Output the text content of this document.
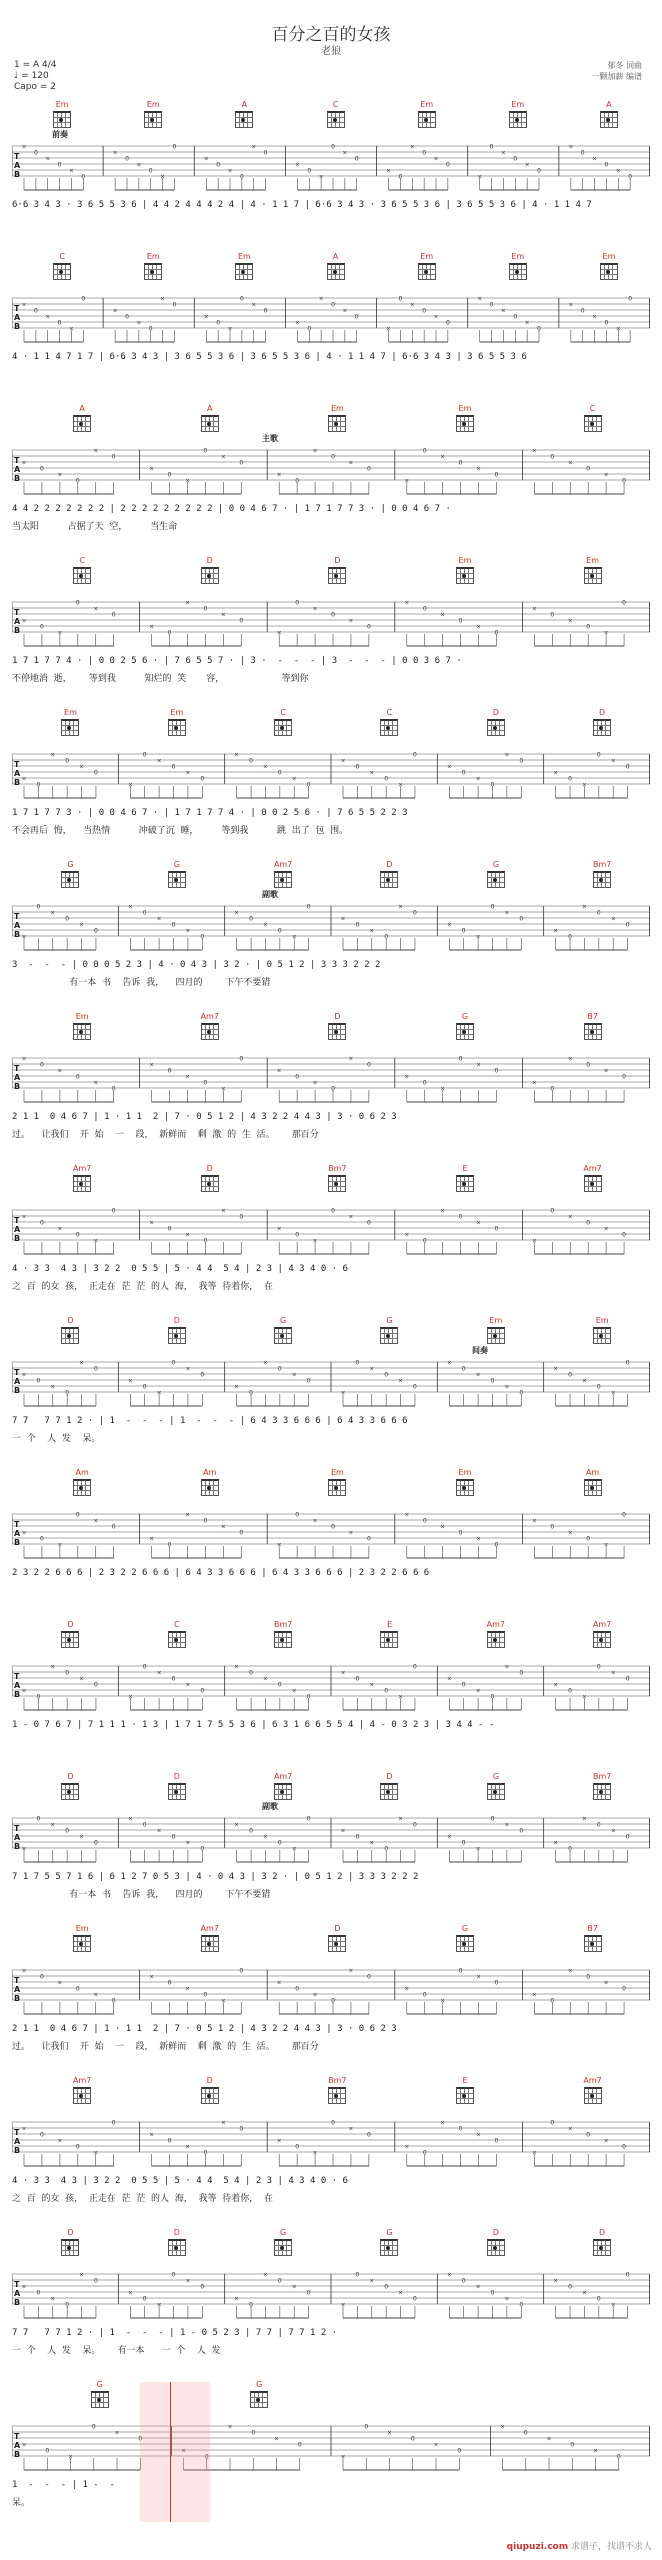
百分之百的女孩
老狼
1 = A 4/4
♩ = 120
Capo = 2
郁冬 词曲
一颗加薪 编谱
Em	Em	A	C	Em	Em	A
前奏
×
0
×
0
×
0
×
0
×
0
×
0
×
0
×
0
×
0
×
0
×
0
×
0
×
0
×
0
×
0
×
0
×
0
×
0
×
0
×
0
×
0
T
A
B
6·6 3 4 3 · 3 6 5 5 3 6 | 4 4 2 4 4 4 2 4 | 4 · 1 1 7 | 6·6 3 4 3 · 3 6 5 5 3 6 | 3 6 5 5 3 6 | 4 · 1 1 4 7
C	Em	Em	A	Em	Em	Em
×
0
×
0
×
0
×
0
×
0
×
0
×
0
×
0
×
0
×
0
×
0
×
0
×
0
×
0
×
0
×
0
×
0
×
0
×
0
×
0
×
0
T
A
B
4 · 1 1 4 7 1 7 | 6·6 3 4 3 | 3 6 5 5 3 6 | 3 6 5 5 3 6 | 4 · 1 1 4 7 | 6·6 3 4 3 | 3 6 5 5 3 6
A	A	Em	Em	C
主歌
×
0
×
0
×
0
×
0
×
0
×
0
×
0
×
0
×
0
×
0
×
0
×
0
×
0
×
0
×
0
T
A
B
4 4 2 2 2 2 2 2 2 | 2 2 2 2 2 2 2 2 2 | 0 0 4 6 7 · | 1 7 1 7 7 3 · | 0 0 4 6 7 ·
当太阳          占据了天  空，        当生命
C	D	D	Em	Em
×
0
×
0
×
0
×
0
×
0
×
0
×
0
×
0
×
0
×
0
×
0
×
0
×
0
×
0
×
0
T
A
B
1 7 1 7 7 4 · | 0 0 2 5 6 · | 7 6 5 5 7 · | 3 ·  -  -  - | 3  -  -  - | 0 0 3 6 7 ·
不停地消  逝，      等到我          知烂的  笑       容，                    等到你
Em	Em	C	C	D	D
×
0
×
0
×
0
×
0
×
0
×
0
×
0
×
0
×
0
×
0
×
0
×
0
×
0
×
0
×
0
×
0
×
0
×
0
T
A
B
1 7 1 7 7 3 · | 0 0 4 6 7 · | 1 7 1 7 7 4 · | 0 0 2 5 6 · | 7 6 5 5 2 2 3
不会再后  悔，    当热情          冲破了沉  睡，        等到我          跳  出了  包  围。
G	G	Am7	D	G	Bm7
副歌
×
0
×
0
×
0
×
0
×
0
×
0
×
0
×
0
×
0
×
0
×
0
×
0
×
0
×
0
×
0
×
0
×
0
×
0
T
A
B
3  -  -  - | 0 0 0 5 2 3 | 4 · 0 4 3 | 3 2 · | 0 5 1 2 | 3 3 3 2 2 2
有一本  书    告诉  我，    四月的        下午不要错
Em	Am7	D	G	B7
×
0
×
0
×
0
×
0
×
0
×
0
×
0
×
0
×
0
×
0
×
0
×
0
×
0
×
0
×
0
T
A
B
2 1 1  0 4 6 7 | 1 · 1 1  2 | 7 · 0 5 1 2 | 4 3 2 2 4 4 3 | 3 · 0 6 2 3
过。    让我们    开  始    一    段，  新鲜而    剩  激  的  生  活。      那百分
Am7	D	Bm7	E	Am7
×
0
×
0
×
0
×
0
×
0
×
0
×
0
×
0
×
0
×
0
×
0
×
0
×
0
×
0
×
0
T
A
B
4 · 3 3  4 3 | 3 2 2  0 5 5 | 5 · 4 4  5 4 | 2 3 | 4 3 4 0 · 6
之  百  的女  孩，  正走在  茫  茫  的人  海，  我等  待着你，  在
D	D	G	G	Em	Em
间奏
×
0
×
0
×
0
×
0
×
0
×
0
×
0
×
0
×
0
×
0
×
0
×
0
×
0
×
0
×
0
×
0
×
0
×
0
T
A
B
7 7   7 7 1 2 · | 1  -  -  - | 1  -  -  - | 6 4 3 3 6 6 6 | 6 4 3 3 6 6 6
一  个    人  发    呆。
Am	Am	Em	Em	Am
×
0
×
0
×
0
×
0
×
0
×
0
×
0
×
0
×
0
×
0
×
0
×
0
×
0
×
0
×
0
T
A
B
2 3 2 2 6 6 6 | 2 3 2 2 6 6 6 | 6 4 3 3 6 6 6 | 6 4 3 3 6 6 6 | 2 3 2 2 6 6 6
D	C	Bm7	E	Am7	Am7
×
0
×
0
×
0
×
0
×
0
×
0
×
0
×
0
×
0
×
0
×
0
×
0
×
0
×
0
×
0
×
0
×
0
×
0
T
A
B
1 - 0 7 6 7 | 7 1 1 1 · 1 3 | 1 7 1 7 5 5 3 6 | 6 3 1 6 6 5 5 4 | 4 - 0 3 2 3 | 3 4 4 - -
D	D	Am7	D	G	Bm7
副歌
×
0
×
0
×
0
×
0
×
0
×
0
×
0
×
0
×
0
×
0
×
0
×
0
×
0
×
0
×
0
×
0
×
0
×
0
T
A
B
7 1 7 5 5 7 1 6 | 6 1 2 7 0 5 3 | 4 · 0 4 3 | 3 2 · | 0 5 1 2 | 3 3 3 2 2 2
有一本  书    告诉  我，    四月的        下午不要错
Em	Am7	D	G	B7
×
0
×
0
×
0
×
0
×
0
×
0
×
0
×
0
×
0
×
0
×
0
×
0
×
0
×
0
×
0
T
A
B
2 1 1  0 4 6 7 | 1 · 1 1  2 | 7 · 0 5 1 2 | 4 3 2 2 4 4 3 | 3 · 0 6 2 3
过。    让我们    开  始    一    段，  新鲜而    剩  激  的  生  活。      那百分
Am7	D	Bm7	E	Am7
×
0
×
0
×
0
×
0
×
0
×
0
×
0
×
0
×
0
×
0
×
0
×
0
×
0
×
0
×
0
T
A
B
4 · 3 3  4 3 | 3 2 2  0 5 5 | 5 · 4 4  5 4 | 2 3 | 4 3 4 0 · 6
之  百  的女  孩，  正走在  茫  茫  的人  海，  我等  待着你，  在
D	D	G	G	D	D
×
0
×
0
×
0
×
0
×
0
×
0
×
0
×
0
×
0
×
0
×
0
×
0
×
0
×
0
×
0
×
0
×
0
×
0
T
A
B
7 7   7 7 1 2 · | 1  -  -  - | 1 - 0 5 2 3 | 7 7 | 7 7 1 2 ·
一  个    人  发    呆。      有一本      一  个    人  发
G	G
×
0
×
0
×
0
×
0
×
0
×
0
×
0
×
0
×
0
×
0
×
0
×
0
T
A
B
1  -  -  - | 1 -  -
呆。
qiupuzi.com 求谱子，找谱不求人
